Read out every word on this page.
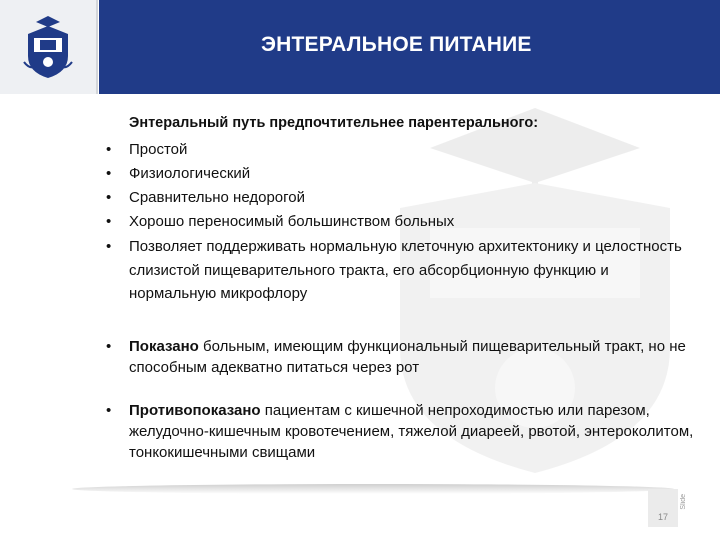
ЭНТЕРАЛЬНОЕ ПИТАНИЕ
Энтеральный путь предпочтительнее парентерального:
• Простой
• Физиологический
• Сравнительно недорогой
• Хорошо переносимый большинством больных
• Позволяет поддерживать нормальную клеточную архитектонику и целостность слизистой пищеварительного тракта, его абсорбционную функцию и нормальную микрофлору
• Показано больным, имеющим функциональный пищеварительный тракт, но не способным адекватно питаться через рот
• Противопоказано пациентам с кишечной непроходимостью или парезом, желудочно-кишечным кровотечением, тяжелой диареей, рвотой, энтероколитом, тонкокишечными свищами
17
Slide
